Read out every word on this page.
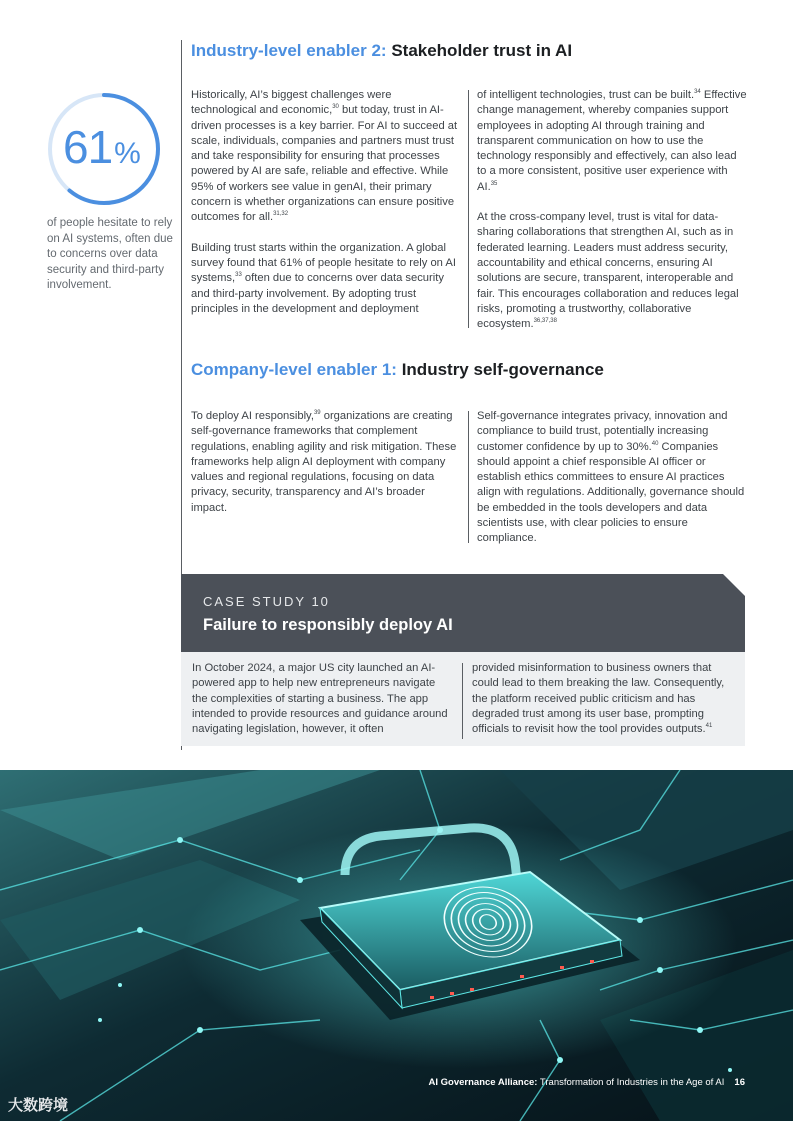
61%
of people hesitate to rely on AI systems, often due to concerns over data security and third-party involvement.
Industry-level enabler 2: Stakeholder trust in AI

Historically, AI’s biggest challenges were technological and economic,$^{30}$ but today, trust in AI-driven processes is a key barrier. For AI to succeed at scale, individuals, companies and partners must trust and take responsibility for ensuring that processes powered by AI are safe, reliable and effective. While 95% of workers see value in genAI, their primary concern is whether organizations can ensure positive outcomes for all.$^{31,32}$

Building trust starts within the organization. A global survey found that 61% of people hesitate to rely on AI systems,$^{33}$ often due to concerns over data security and third-party involvement. By adopting trust principles in the development and deployment

of intelligent technologies, trust can be built.$^{34}$ Effective change management, whereby companies support employees in adopting AI through training and transparent communication on how to use the technology responsibly and effectively, can also lead to a more consistent, positive user experience with AI.$^{35}$

At the cross-company level, trust is vital for data-sharing collaborations that strengthen AI, such as in federated learning. Leaders must address security, accountability and ethical concerns, ensuring AI solutions are secure, transparent, interoperable and fair. This encourages collaboration and reduces legal risks, promoting a trustworthy, collaborative ecosystem.$^{36,37,38}$

Company-level enabler 1: Industry self-governance

To deploy AI responsibly,$^{39}$ organizations are creating self-governance frameworks that complement regulations, enabling agility and risk mitigation. These frameworks help align AI deployment with company values and regional regulations, focusing on data privacy, security, transparency and AI’s broader impact.

Self-governance integrates privacy, innovation and compliance to build trust, potentially increasing customer confidence by up to 30%.$^{40}$ Companies should appoint a chief responsible AI officer or establish ethics committees to ensure AI practices align with regulations. Additionally, governance should be embedded in the tools developers and data scientists use, with clear policies to ensure compliance.

CASE STUDY 10
Failure to responsibly deploy AI

In October 2024, a major US city launched an AI-powered app to help new entrepreneurs navigate the complexities of starting a business. The app intended to provide resources and guidance around navigating legislation, however, it often

provided misinformation to business owners that could lead to them breaking the law. Consequently, the platform received public criticism and has degraded trust among its user base, prompting officials to revisit how the tool provides outputs.$^{41}$

AI Governance Alliance: Transformation of Industries in the Age of AI 16
大数跨境
